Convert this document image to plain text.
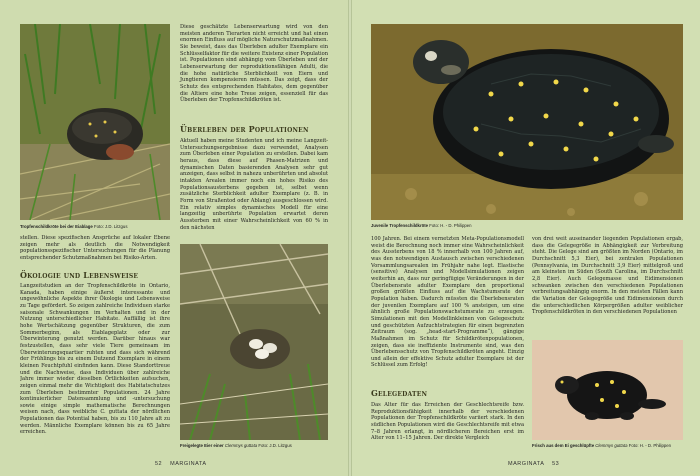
Tropfenschildkröte bei der Eiablage Foto: J.D. Litzgus
stellen. Diese spezifischen Ansprüche auf lokaler Ebene zeigen mehr als deutlich die Notwendigkeit populationsspezifischer Untersuchungen für die Planung entsprechender Schutzmaßnahmen bei Risiko-Arten.
Ökologie und Lebensweise
Langzeitstudien an der Tropfenschildkröte in Ontario, Kanada, haben einige äußerst interessante und ungewöhnliche Aspekte ihrer Ökologie und Lebensweise zu Tage gefördert. So zeigen zahlreiche Individuen starke saisonale Schwankungen im Verhalten und in der Nutzung unterschiedlicher Habitate. Auffällig ist ihre hohe Wertschätzung gegenüber Strukturen, die zum Sommerbeginn, als Eiablageplatz oder zur Überwinterung genutzt werden. Darüber hinaus war festzustellen, dass sehr viele Tiere gemeinsam im Überwinterungsquartier ruhten und dass sich während der Frühlings bis zu einem Dutzend Exemplare in einem kleinen Feuchtpfuhl einfinden kann. Diese Standorttreue und die Nachweise, dass Individuen über zahlreiche Jahre immer wieder dieselben Örtlichkeiten aufsuchen, zeigen einmal mehr die Wichtigkeit des Habitatschutzes zum Überleben bestimmter Populationen. 24 Jahre kontinuierlicher Datensammlung und -untersuchung sowie einige simple mathematische Berechnungen weisen nach, dass weibliche C. guttata der nördlichen Populationen das Potential haben, bis zu 110 Jahre alt zu werden. Männliche Exemplare können bis zu 65 Jahre erreichen.
Diese geschätzte Lebenserwartung wird von den meisten anderen Tierarten nicht erreicht und hat einen enormen Einfluss auf mögliche Naturschutzmaßnahmen. Sie beweist, dass das Überleben adulter Exemplare ein Schlüsselfaktor für die weitere Existenz einer Population ist. Populationen sind abhängig vom Überleben und der Lebenserwartung der reproduktionsfähigen Adulti, die die hohe natürliche Sterblichkeit von Eiern und Jungtieren kompensieren müssen. Das zeigt, dass der Schutz des entsprechenden Habitates, dem gegenüber die Altiere eine hohe Treue zeigen, essenziell für das Überleben der Tropfenschildkröten ist.
Überleben der Populationen
Aktuell haben meine Studenten und ich meine Langzeit-Untersuchungsergebnisse dazu verwendet, Analysen zum Überleben einer Population zu erstellen. Dabei kam heraus, dass diese auf Phasen-Matrizen und dynamischen Daten basierenden Analysen sehr gut anzeigen, dass selbst in nahezu unberührten und absolut intakten Arealen immer noch ein hohes Risiko des Populationsausterbens gegeben ist, selbst wenn zusätzliche Sterblichkeit adulter Exemplare (z. B. in Form von Straßentod oder Ablang) ausgeschlossen wird. Ein relativ simples dynamisches Modell für eine langzeitig unberührte Population erwartet deren Aussterben mit einer Wahrscheinlichkeit von 60 % in den nächsten
Freigelegte Eier einer Clemmys guttata Foto: J.D. Litzgus
52 MARGINATA
Juvenile Tropfenschildkröte Foto: H. - D. Philippen
100 Jahren. Bei einem vernetzten Meta-Populationsmodell weist die Berechnung noch immer eine Wahrscheinlichkeit des Aussterbens von 18 % innerhalb von 100 Jahren auf, was den notwendigen Austausch zwischen verschiedenen Vorsammlungsarealen im Frühjahr nahe legt. Elastische (sensitive) Analysen und Modellsimulationen zeigen weiterhin an, dass nur geringfügige Veränderungen in der Überlebensrate adulter Exemplare den proportional großen größten Einfluss auf die Wachstumsrate der Population haben. Dadurch müssten die Überlebensraten der juvenilen Exemplare auf 100 % ansteigen, um eine ähnlich große Populationswachstumsrate zu erzeugen. Simulationen mit den Modellinkleinen von Gelegeschutz und geschützten Aufzuchtstrategien für einen begrenzten Zeitraum (sog. „head-start-Programme“), gängige Maßnahmen im Schutz für Schildkrötenpopulationen, zeigen, dass sie ineffiziente Instrumente sind, was den Überlebensschutz von Tropfenschildkröten angeht. Einzig und allein der effektive Schutz adulter Exemplare ist der Schlüssel zum Erfolg!
Gelegedaten
Das Alter für das Erreichen der Geschlechtsreife bzw. Reproduktionsfähigkeit innerhalb der verschiedenen Populationen der Tropfenschildkröte variiert stark. In den südlichen Populationen wird die Geschlechtsreife mit etwa 7–8 Jahren erlangt, in nördlicheren Bereichen erst im Alter von 11–15 Jahren. Der direkte Vergleich
von drei weit auseinander liegenden Populationen ergab, dass die Gelegegröße in Abhängigkeit zur Verbreitung steht. Die Gelege sind am größten im Norden (Ontario, im Durchschnitt 5,3 Eier), bei zentralen Populationen (Pennsylvania, im Durchschnitt 3,9 Eier) mittelgroß und am kleinsten im Süden (South Carolina, im Durchschnitt 2,8 Eier). Auch Gelegemasse und Eidimensionen schwanken zwischen den verschiedenen Populationen verbreitungsabhängig enorm. In den meisten Fällen kann die Variation der Gelegegröße und Eidimensionen durch die unterschiedlichen Körpergrößen adulter weiblicher Tropfenschildkröten in den verschiedenen Populationen
Frisch aus dem Ei geschlüpfte Clemmys guttata Foto: H. - D. Philippen
MARGINATA 53
